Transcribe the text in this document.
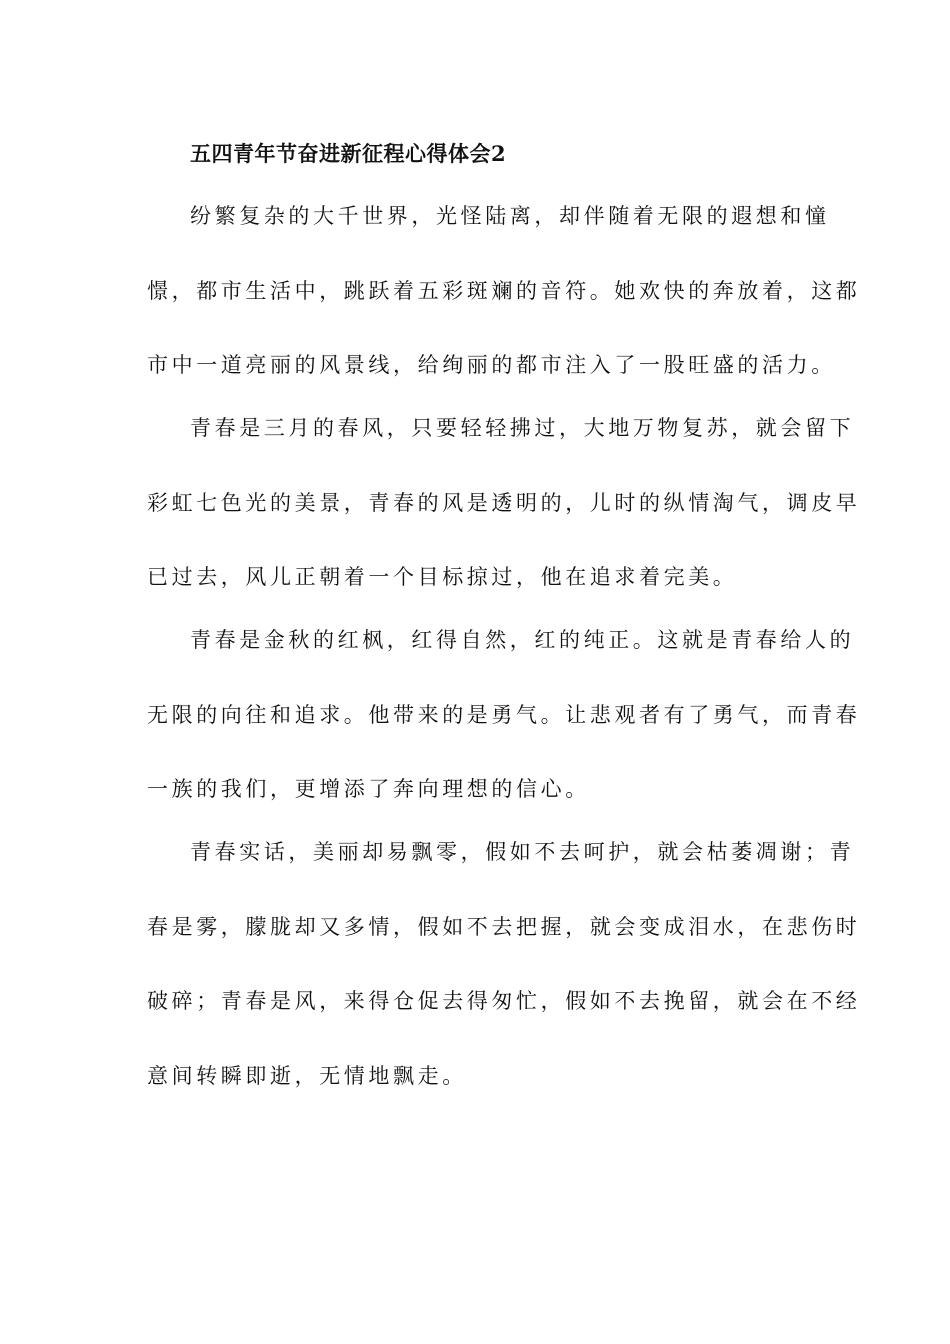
五四青年节奋进新征程心得体会2
纷繁复杂的大千世界，光怪陆离，却伴随着无限的遐想和憧
憬，都市生活中，跳跃着五彩斑斓的音符。她欢快的奔放着，这都
市中一道亮丽的风景线，给绚丽的都市注入了一股旺盛的活力。
青春是三月的春风，只要轻轻拂过，大地万物复苏，就会留下
彩虹七色光的美景，青春的风是透明的，儿时的纵情淘气，调皮早
已过去，风儿正朝着一个目标掠过，他在追求着完美。
青春是金秋的红枫，红得自然，红的纯正。这就是青春给人的
无限的向往和追求。他带来的是勇气。让悲观者有了勇气，而青春
一族的我们，更增添了奔向理想的信心。
青春实话，美丽却易飘零，假如不去呵护，就会枯萎凋谢；青
春是雾，朦胧却又多情，假如不去把握，就会变成泪水，在悲伤时
破碎；青春是风，来得仓促去得匆忙，假如不去挽留，就会在不经
意间转瞬即逝，无情地飘走。
